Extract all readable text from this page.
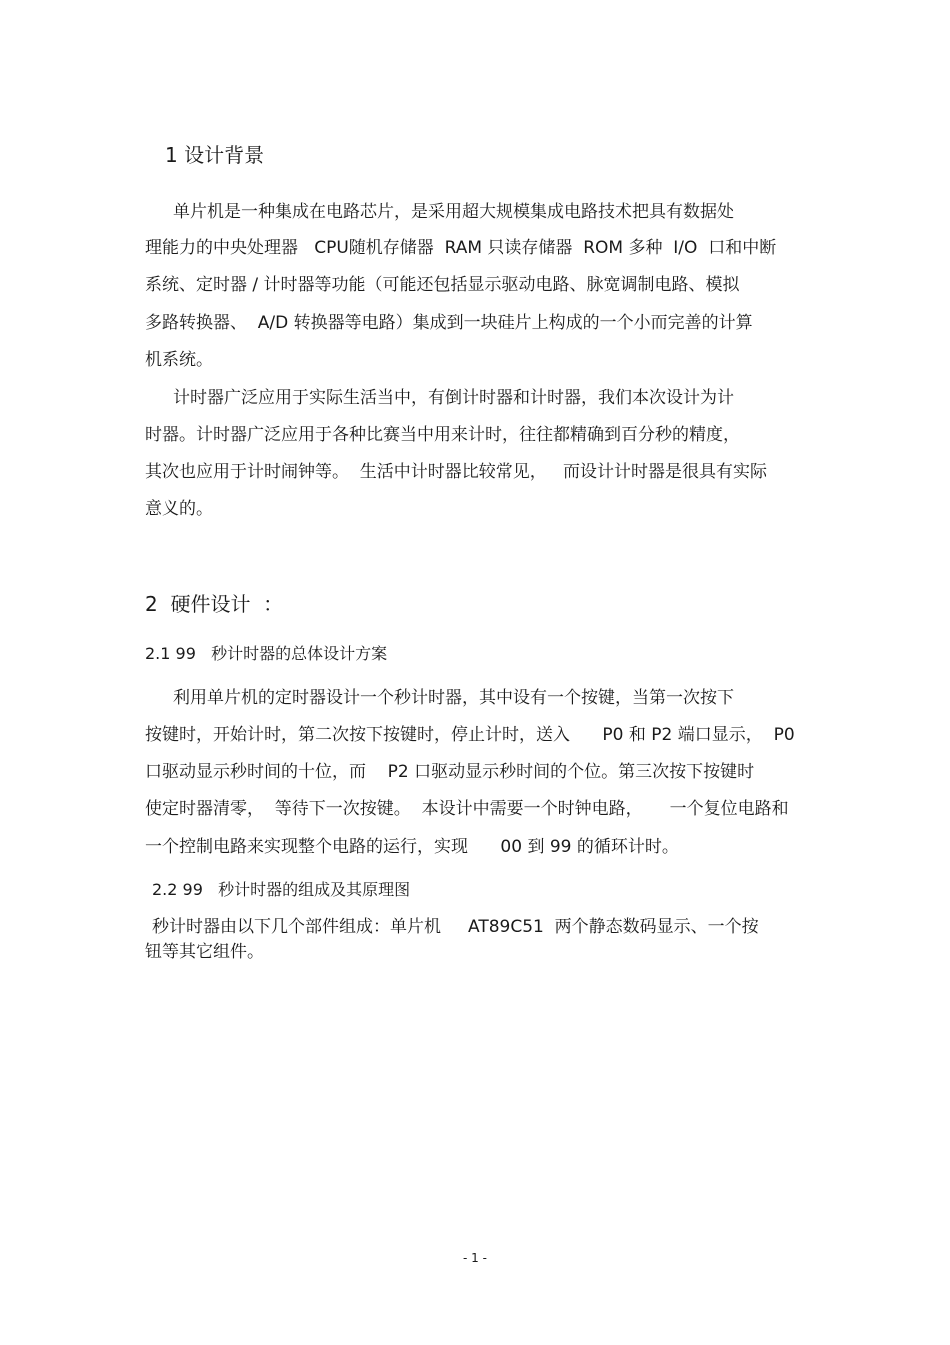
1 设计背景
单片机是一种集成在电路芯片，是采用超大规模集成电路技术把具有数据处
理能力的中央处理器   CPU随机存储器  RAM 只读存储器  ROM 多种  I/O  口和中断
系统、定时器 / 计时器等功能（可能还包括显示驱动电路、脉宽调制电路、模拟
多路转换器、  A/D 转换器等电路）集成到一块硅片上构成的一个小而完善的计算
机系统。
计时器广泛应用于实际生活当中，有倒计时器和计时器，我们本次设计为计
时器。计时器广泛应用于各种比赛当中用来计时，往往都精确到百分秒的精度，
其次也应用于计时闹钟等。  生活中计时器比较常见，   而设计计时器是很具有实际
意义的。
2  硬件设计  ：
2.1 99   秒计时器的总体设计方案
利用单片机的定时器设计一个秒计时器，其中设有一个按键，当第一次按下
按键时，开始计时，第二次按下按键时，停止计时，送入      P0 和 P2 端口显示，  P0
口驱动显示秒时间的十位，而    P2 口驱动显示秒时间的个位。第三次按下按键时
使定时器清零，  等待下一次按键。  本设计中需要一个时钟电路，     一个复位电路和
一个控制电路来实现整个电路的运行，实现      00 到 99 的循环计时。
2.2 99   秒计时器的组成及其原理图
秒计时器由以下几个部件组成：单片机     AT89C51  两个静态数码显示、一个按
钮等其它组件。
- 1 -
